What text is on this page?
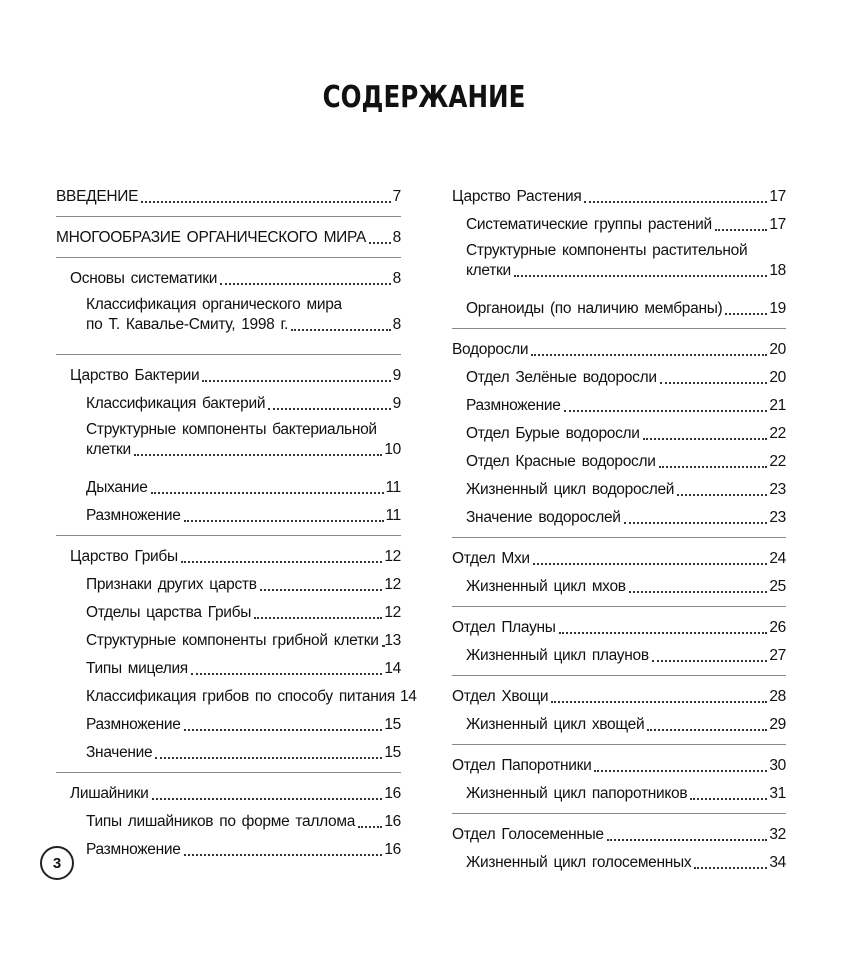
СОДЕРЖАНИЕ
ВВЕДЕНИЕ	7
МНОГООБРАЗИЕ ОРГАНИЧЕСКОГО МИРА 8
Основы систематики	8
Классификация органического мира
по Т. Кавалье-Смиту, 1998 г.	8
Царство Бактерии	9
Классификация бактерий	9
Структурные компоненты бактериальной
клетки	10
Дыхание	11
Размножение	11
Царство Грибы	12
Признаки других царств	12
Отделы царства Грибы	12
Структурные компоненты грибной клетки 13
Типы мицелия	14
Классификация грибов по способу питания 14
Размножение	15
Значение	15
Лишайники	16
Типы лишайников по форме таллома 16
Размножение	16
Царство Растения	17
Систематические группы растений	17
Структурные компоненты растительной
клетки	18
Органоиды (по наличию мембраны)	19
Водоросли	20
Отдел Зелёные водоросли	20
Размножение	21
Отдел Бурые водоросли	22
Отдел Красные водоросли	22
Жизненный цикл водорослей	23
Значение водорослей	23
Отдел Мхи	24
Жизненный цикл мхов	25
Отдел Плауны	26
Жизненный цикл плаунов	27
Отдел Хвощи	28
Жизненный цикл хвощей	29
Отдел Папоротники	30
Жизненный цикл папоротников	31
Отдел Голосеменные	32
Жизненный цикл голосеменных	34
3
